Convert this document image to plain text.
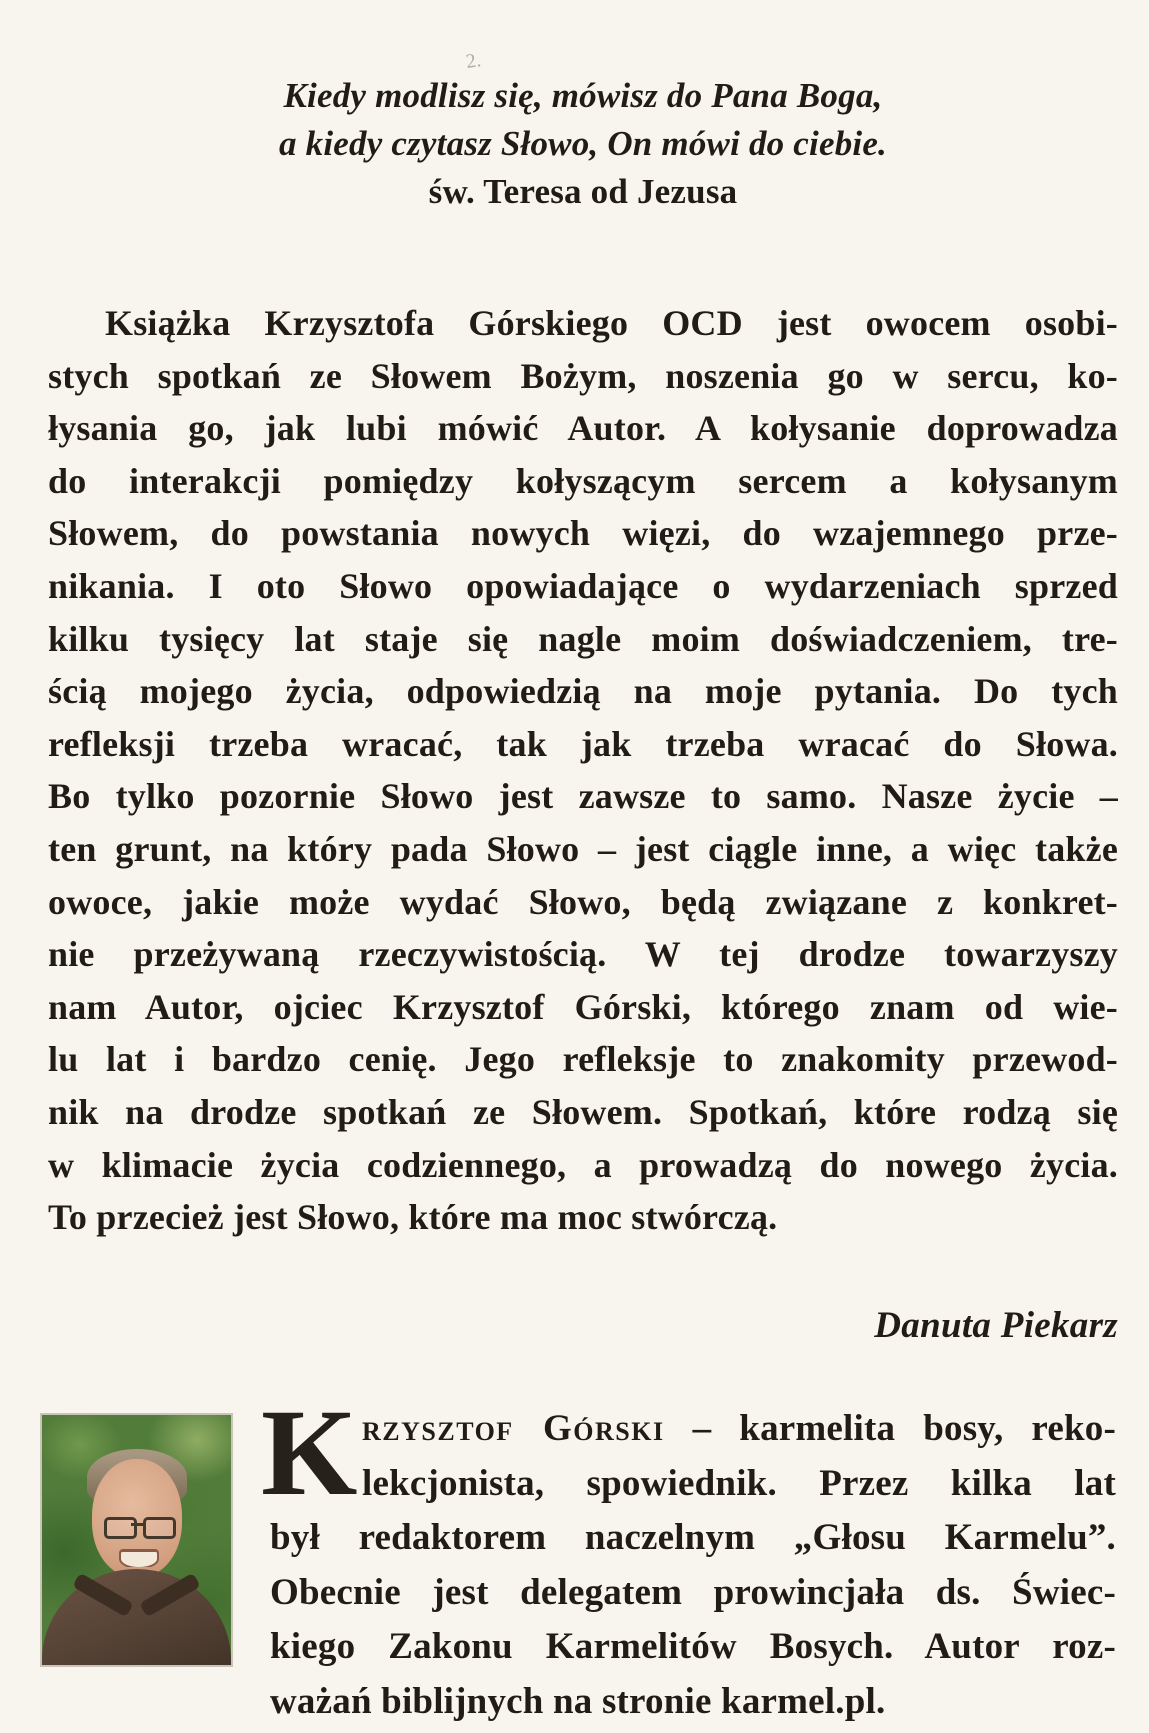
2.
Kiedy modlisz się, mówisz do Pana Boga,
a kiedy czytasz Słowo, On mówi do ciebie.
św. Teresa od Jezusa
Książka Krzysztofa Górskiego OCD jest owocem osobi-
stych spotkań ze Słowem Bożym, noszenia go w sercu, ko-
łysania go, jak lubi mówić Autor. A kołysanie doprowadza
do interakcji pomiędzy kołyszącym sercem a kołysanym
Słowem, do powstania nowych więzi, do wzajemnego prze-
nikania. I oto Słowo opowiadające o wydarzeniach sprzed
kilku tysięcy lat staje się nagle moim doświadczeniem, tre-
ścią mojego życia, odpowiedzią na moje pytania. Do tych
refleksji trzeba wracać, tak jak trzeba wracać do Słowa.
Bo tylko pozornie Słowo jest zawsze to samo. Nasze życie –
ten grunt, na który pada Słowo – jest ciągle inne, a więc także
owoce, jakie może wydać Słowo, będą związane z konkret-
nie przeżywaną rzeczywistością. W tej drodze towarzyszy
nam Autor, ojciec Krzysztof Górski, którego znam od wie-
lu lat i bardzo cenię. Jego refleksje to znakomity przewod-
nik na drodze spotkań ze Słowem. Spotkań, które rodzą się
w klimacie życia codziennego, a prowadzą do nowego życia.
To przecież jest Słowo, które ma moc stwórczą.
Danuta Piekarz
K rzysztof Górski – karmelita bosy, reko-
lekcjonista, spowiednik. Przez kilka lat
był redaktorem naczelnym „Głosu Karmelu”.
Obecnie jest delegatem prowincjała ds. Świec-
kiego Zakonu Karmelitów Bosych. Autor roz-
ważań biblijnych na stronie karmel.pl.
